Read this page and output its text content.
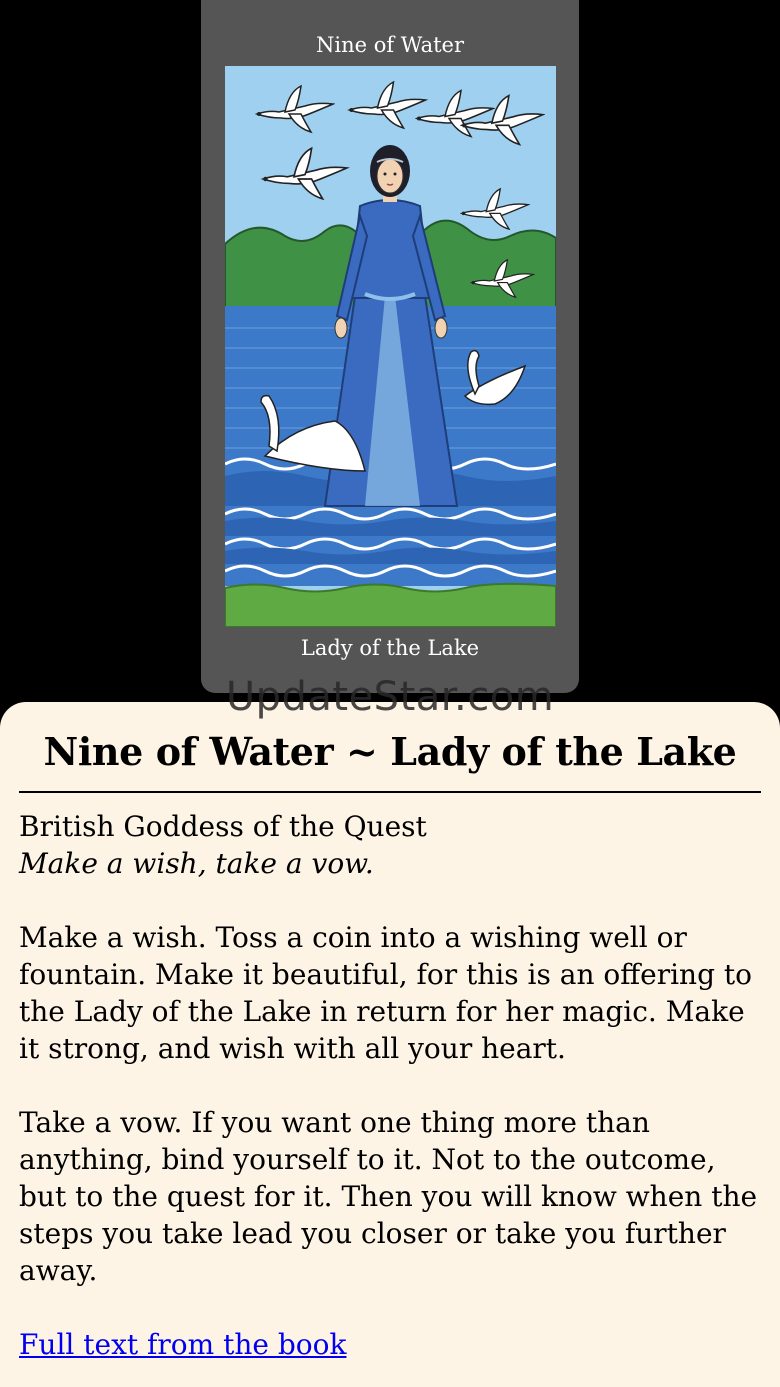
Nine of Water
Lady of the Lake
UpdateStar.com
Nine of Water ~ Lady of the Lake

British Goddess of the Quest
Make a wish, take a vow.

Make a wish. Toss a coin into a wishing well or fountain. Make it beautiful, for this is an offering to the Lady of the Lake in return for her magic. Make it strong, and wish with all your heart.

Take a vow. If you want one thing more than anything, bind yourself to it. Not to the outcome, but to the quest for it. Then you will know when the steps you take lead you closer or take you further away.

Full text from the book
